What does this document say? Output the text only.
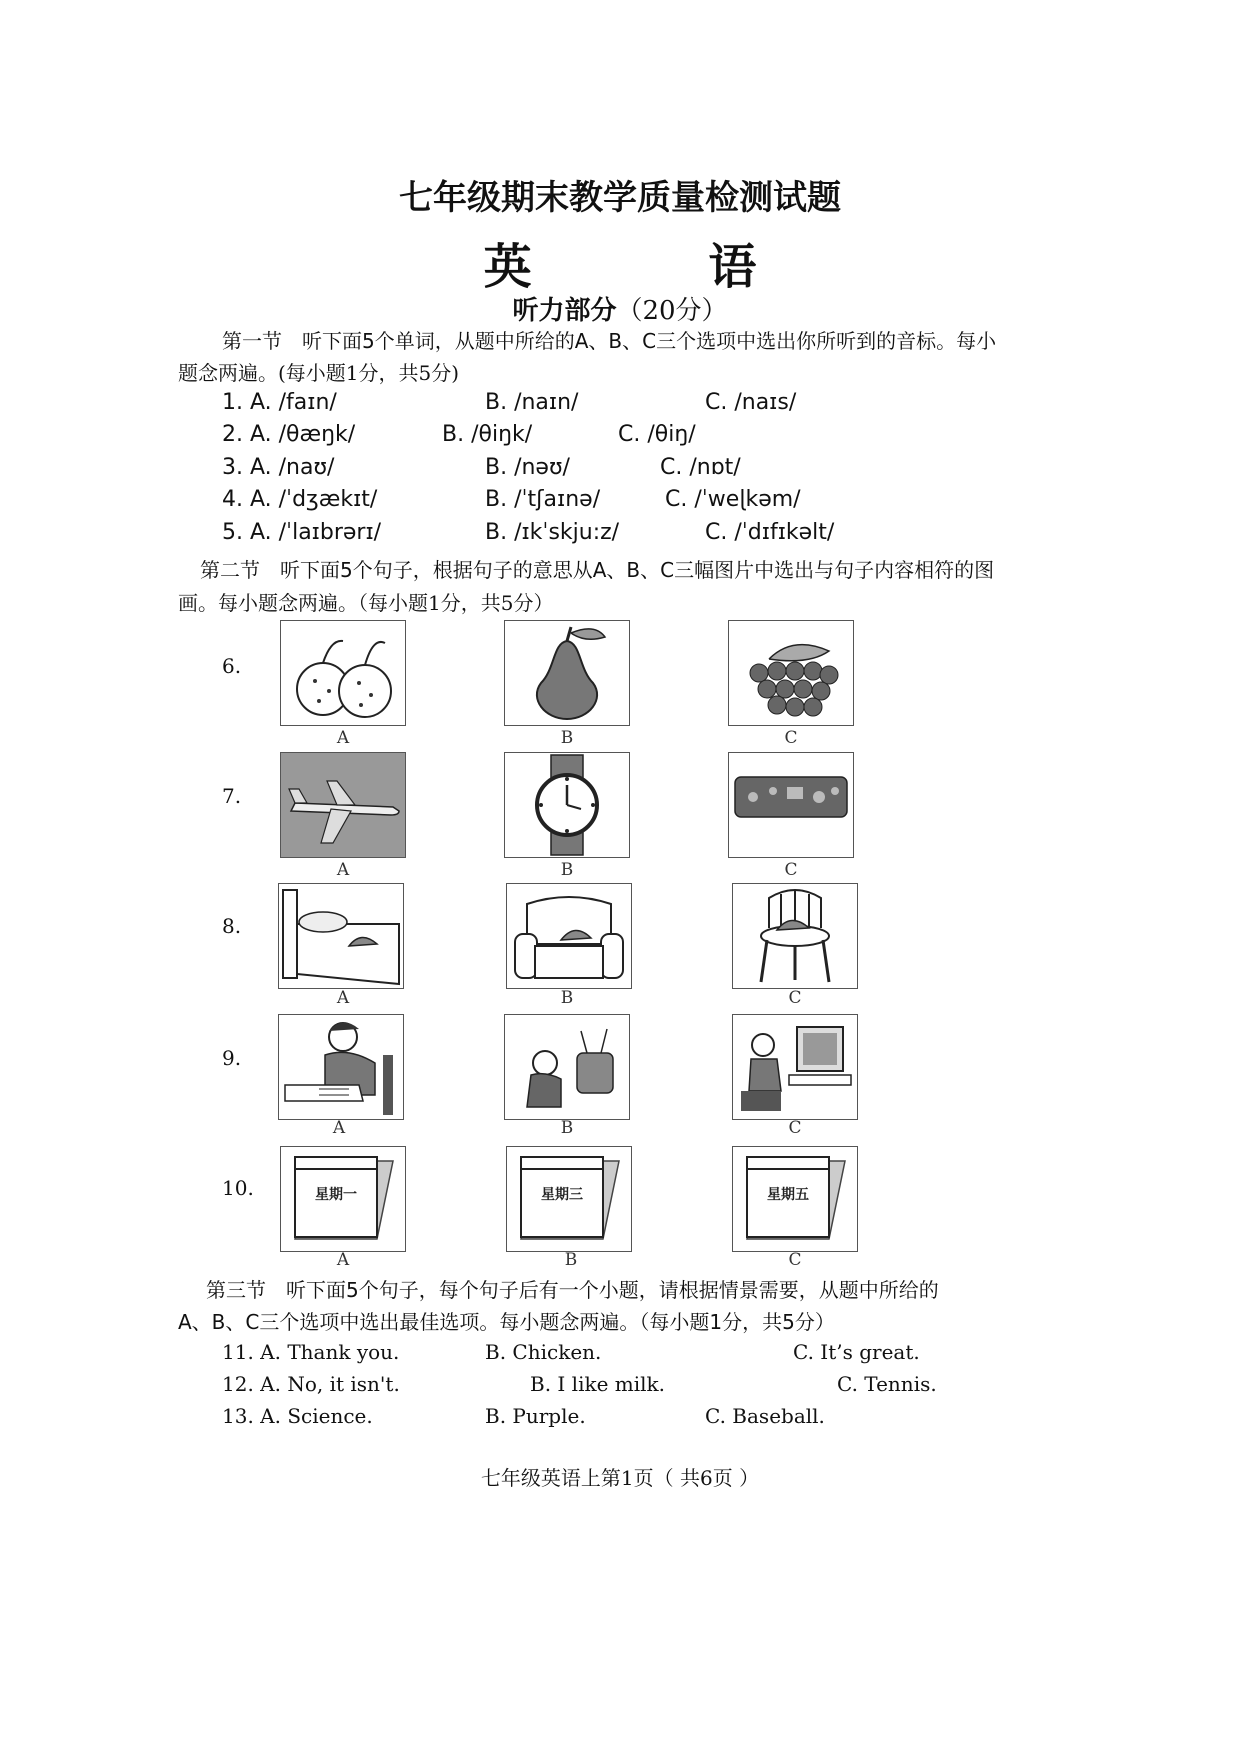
七年级期末教学质量检测试题
英 语
听力部分（20分）
第一节　听下面5个单词，从题中所给的A、B、C三个选项中选出你所听到的音标。每小
题念两遍。(每小题1分，共5分)
1. A. /faɪn/	B. /naɪn/	C. /naɪs/
2. A. /θæŋk/	B. /θiŋk/	C. /θiŋ/
3. A. /naʊ/	B. /nəʊ/	C. /nɒt/
4. A. /ˈdʒækɪt/	B. /ˈtʃaɪnə/	C. /ˈweɭkəm/
5. A. /ˈlaɪbrərɪ/	B. /ɪkˈskju:z/	C. /ˈdɪfɪkəlt/
第二节　听下面5个句子，根据句子的意思从A、B、C三幅图片中选出与句子内容相符的图
画。每小题念两遍。（每小题1分，共5分）
6.
A	B	C
7.
A	B	C
8.
A	B	C
9.
A	B	C
10.	星期一	星期三	星期五
A	B	C
第三节　听下面5个句子，每个句子后有一个小题，请根据情景需要，从题中所给的
A、B、C三个选项中选出最佳选项。每小题念两遍。（每小题1分，共5分）
11. A. Thank you.	B. Chicken.	C. It’s great.
12. A. No, it isn't.	B. I like milk.	C. Tennis.
13. A. Science.	B. Purple.	C. Baseball.
七年级英语上第1页（ 共6页 ）
